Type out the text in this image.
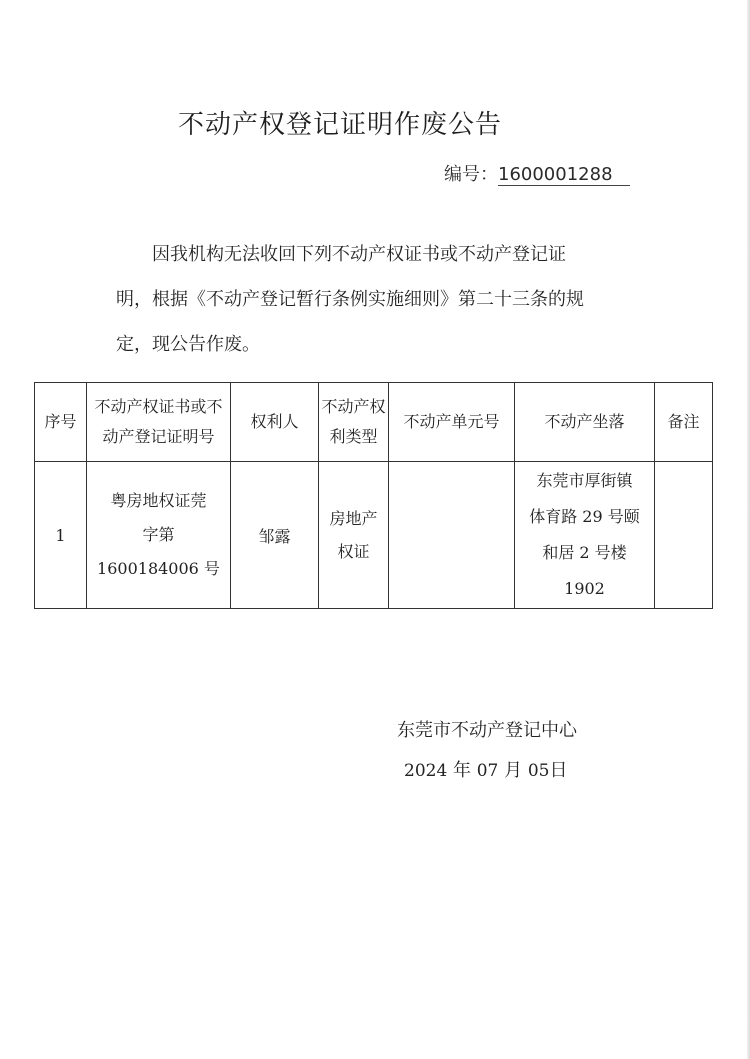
不动产权登记证明作废公告
编号：1600001288

因我机构无法收回下列不动产权证书或不动产登记证

明，根据《不动产登记暂行条例实施细则》第二十三条的规
定，现公告作废。
序号	不动产权证书或不
动产登记证明号	权利人	不动产权
利类型	不动产单元号	不动产坐落	备注
1	粤房地权证莞
字第
1600184006 号	邹露	房地产
权证		东莞市厚街镇
体育路 29 号颐
和居 2 号楼
1902	

东莞市不动产登记中心
2024 年 07 月 05日
